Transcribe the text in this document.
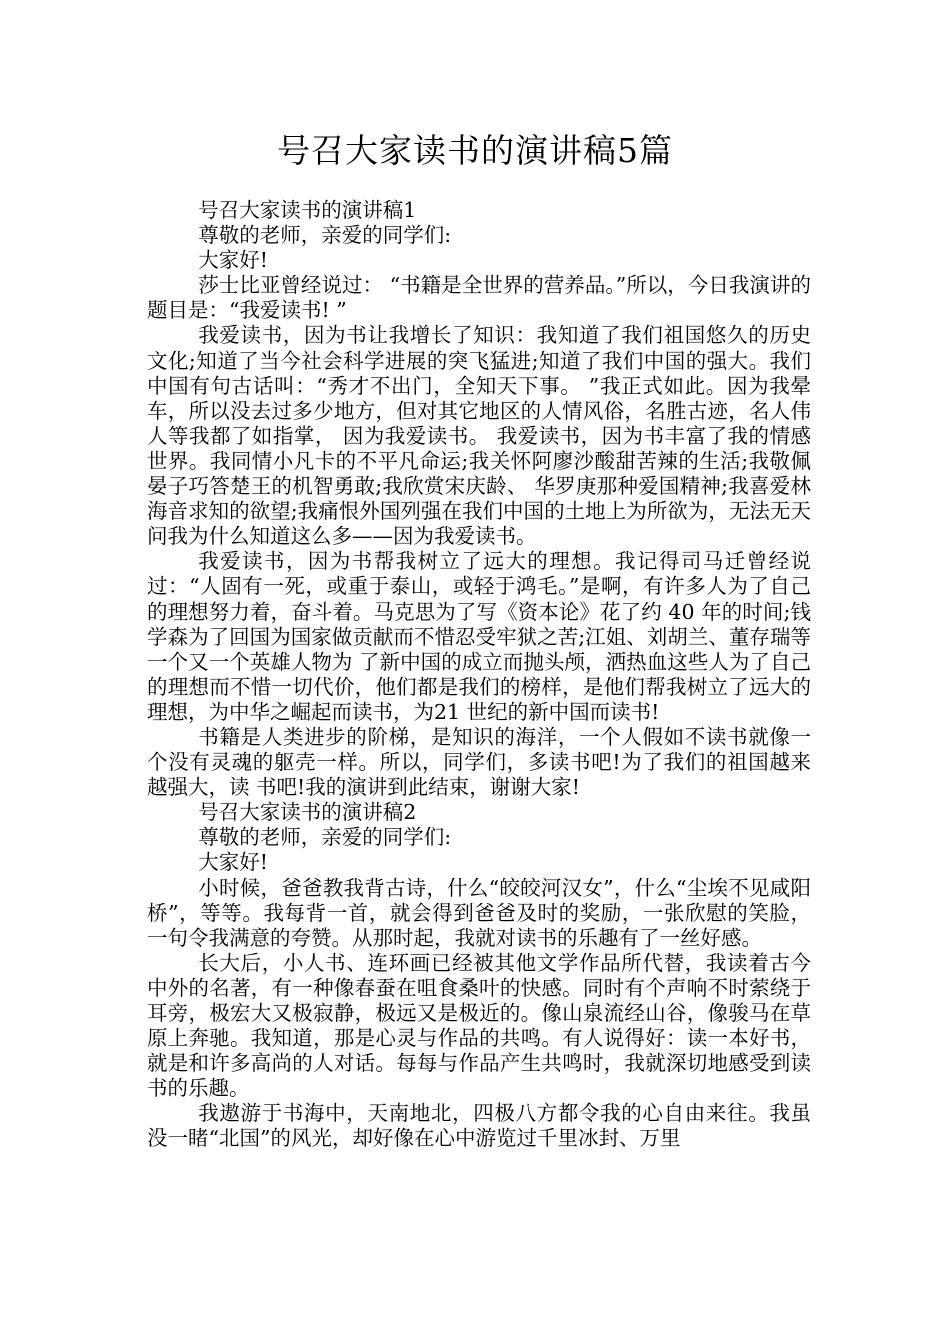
号召大家读书的演讲稿5篇

号召大家读书的演讲稿1

尊敬的老师，亲爱的同学们:

大家好!

莎士比亚曾经说过： “书籍是全世界的营养品。”所以，今日我演讲的题目是：“我爱读书! ”

我爱读书，因为书让我增长了知识：我知道了我们祖国悠久的历史文化;知道了当今社会科学进展的突飞猛进;知道了我们中国的强大。我们中国有句古话叫：“秀才不出门，全知天下事。 ”我正式如此。因为我晕车，所以没去过多少地方，但对其它地区的人情风俗，名胜古迹，名人伟人等我都了如指掌， 因为我爱读书。 我爱读书，因为书丰富了我的情感世界。我同情小凡卡的不平凡命运;我关怀阿廖沙酸甜苦辣的生活;我敬佩晏子巧答楚王的机智勇敢;我欣赏宋庆龄、 华罗庚那种爱国精神;我喜爱林海音求知的欲望;我痛恨外国列强在我们中国的土地上为所欲为，无法无天问我为什么知道这么多——因为我爱读书。

我爱读书，因为书帮我树立了远大的理想。我记得司马迁曾经说过：“人固有一死，或重于泰山，或轻于鸿毛。”是啊，有许多人为了自己的理想努力着，奋斗着。马克思为了写《资本论》花了约 40 年的时间;钱学森为了回国为国家做贡献而不惜忍受牢狱之苦;江姐、刘胡兰、董存瑞等一个又一个英雄人物为 了新中国的成立而抛头颅，洒热血这些人为了自己的理想而不惜一切代价，他们都是我们的榜样，是他们帮我树立了远大的理想，为中华之崛起而读书，为21 世纪的新中国而读书!

书籍是人类进步的阶梯，是知识的海洋，一个人假如不读书就像一个没有灵魂的躯壳一样。所以，同学们，多读书吧!为了我们的祖国越来越强大，读 书吧!我的演讲到此结束，谢谢大家!

号召大家读书的演讲稿2

尊敬的老师，亲爱的同学们:

大家好!

小时候，爸爸教我背古诗，什么“皎皎河汉女”，什么“尘埃不见咸阳桥”，等等。我每背一首，就会得到爸爸及时的奖励，一张欣慰的笑脸，一句令我满意的夸赞。从那时起，我就对读书的乐趣有了一丝好感。

长大后，小人书、连环画已经被其他文学作品所代替，我读着古今中外的名著，有一种像春蚕在咀食桑叶的快感。同时有个声响不时萦绕于耳旁，极宏大又极寂静，极远又是极近的。像山泉流经山谷，像骏马在草原上奔驰。我知道，那是心灵与作品的共鸣。有人说得好：读一本好书，就是和许多高尚的人对话。每每与作品产生共鸣时，我就深切地感受到读书的乐趣。

我遨游于书海中，天南地北，四极八方都令我的心自由来往。我虽没一睹“北国”的风光，却好像在心中游览过千里冰封、万里
